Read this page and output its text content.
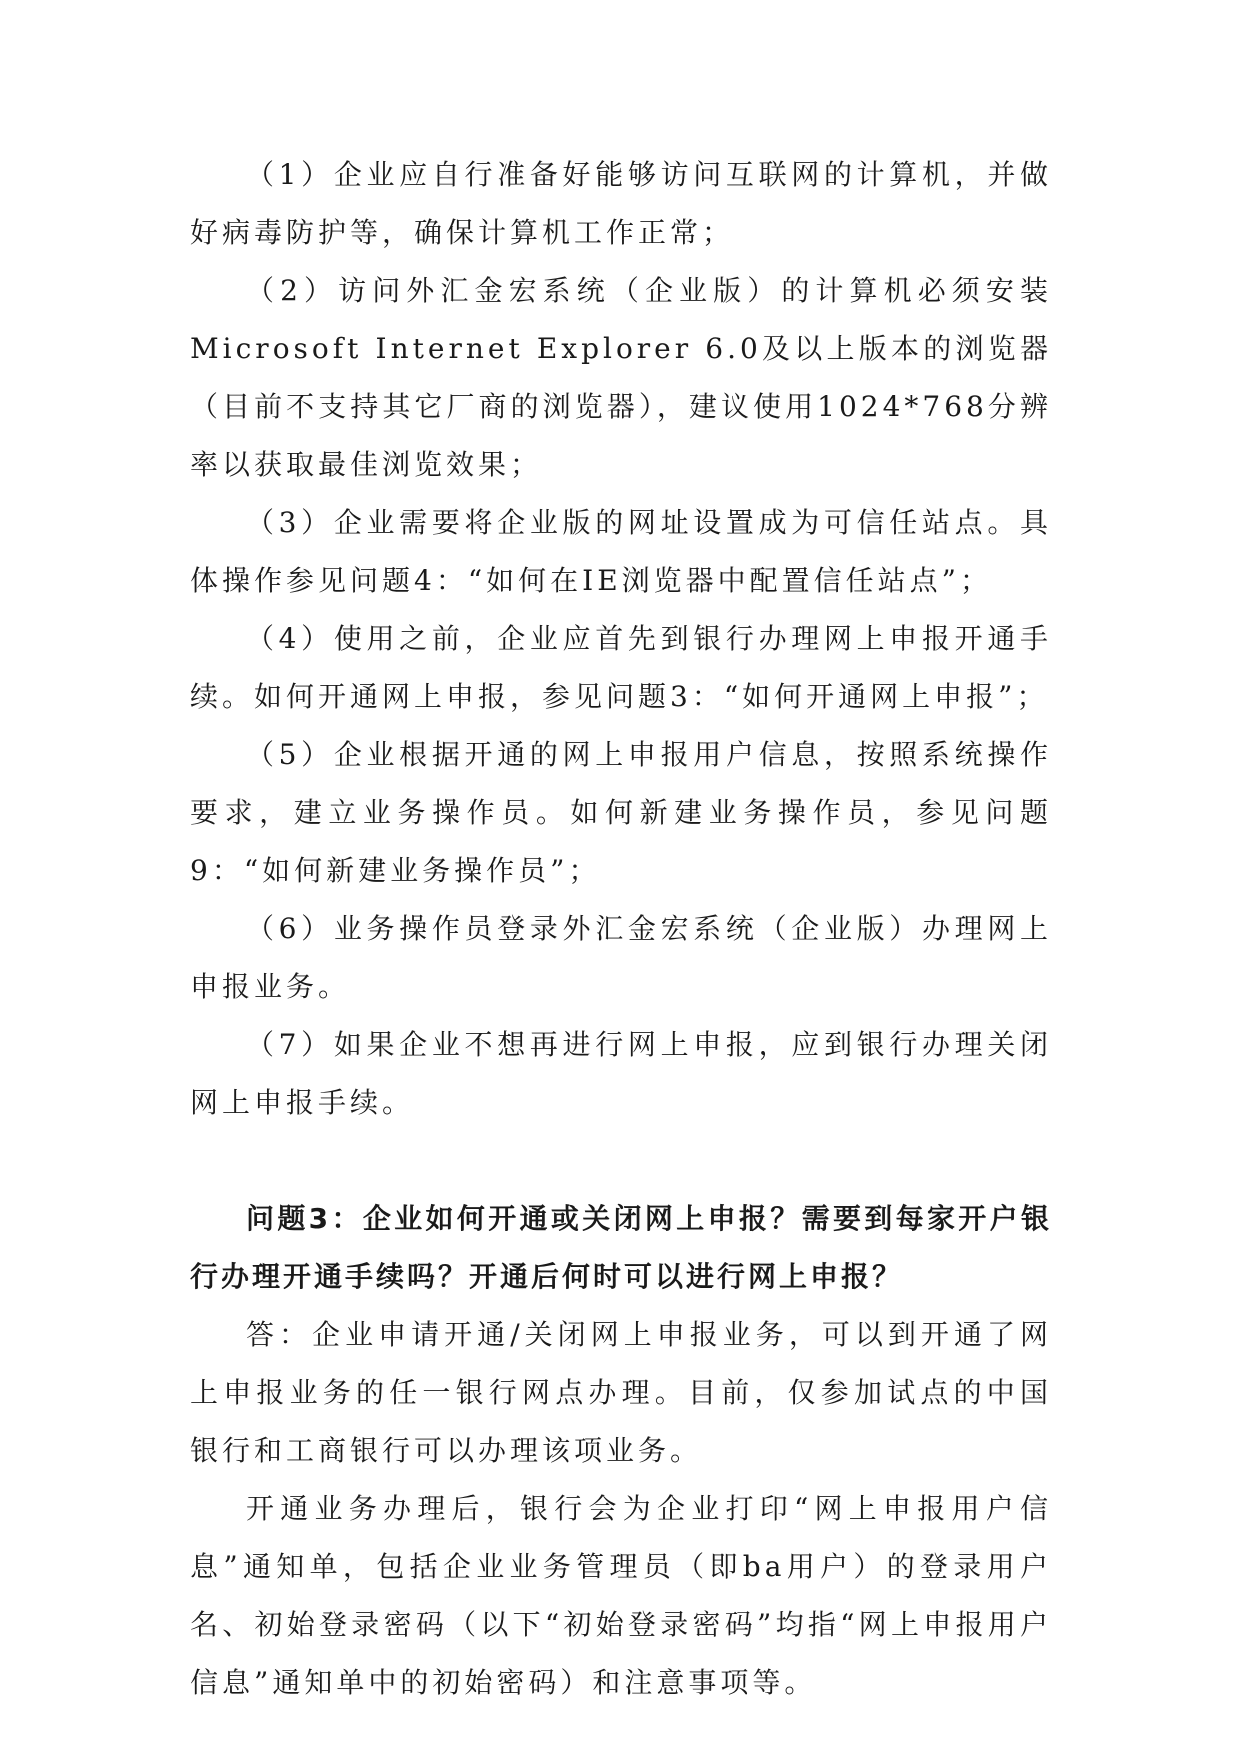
（1）企业应自行准备好能够访问互联网的计算机，并做好病毒防护等，确保计算机工作正常；

（2）访问外汇金宏系统（企业版）的计算机必须安装Microsoft Internet Explorer 6.0及以上版本的浏览器（目前不支持其它厂商的浏览器），建议使用1024*768分辨率以获取最佳浏览效果；

（3）企业需要将企业版的网址设置成为可信任站点。具体操作参见问题4：“如何在IE浏览器中配置信任站点”；

（4）使用之前，企业应首先到银行办理网上申报开通手续。如何开通网上申报，参见问题3：“如何开通网上申报”；

（5）企业根据开通的网上申报用户信息，按照系统操作要求，建立业务操作员。如何新建业务操作员，参见问题9：“如何新建业务操作员”；

（6）业务操作员登录外汇金宏系统（企业版）办理网上申报业务。

（7）如果企业不想再进行网上申报，应到银行办理关闭网上申报手续。

问题3：企业如何开通或关闭网上申报？需要到每家开户银行办理开通手续吗？开通后何时可以进行网上申报？

答：企业申请开通/关闭网上申报业务，可以到开通了网上申报业务的任一银行网点办理。目前，仅参加试点的中国银行和工商银行可以办理该项业务。

开通业务办理后，银行会为企业打印“网上申报用户信息”通知单，包括企业业务管理员（即ba用户）的登录用户名、初始登录密码（以下“初始登录密码”均指“网上申报用户信息”通知单中的初始密码）和注意事项等。
